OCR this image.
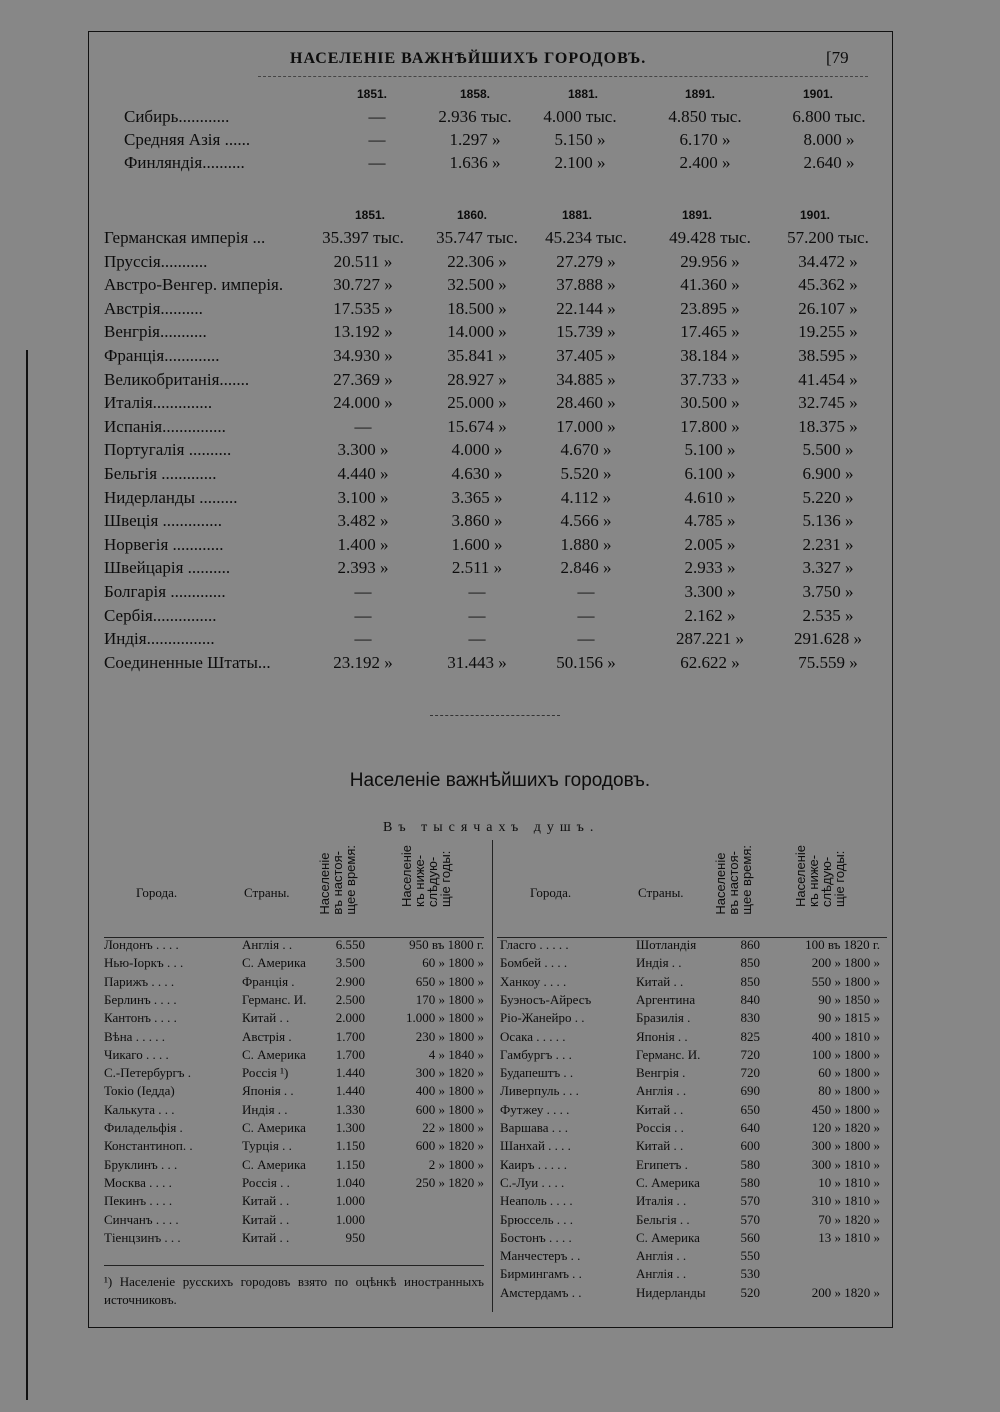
НАСЕЛЕНІЕ ВАЖНѢЙШИХЪ ГОРОДОВЪ.	[79
1851.	1858.	1881.	1891.	1901.
Сибирь............	—	2.936 тыс. 4.000 тыс.	4.850 тыс.	6.800 тыс.
Средняя Азія ......	—	1.297 »	5.150 »	6.170 »	8.000 »
Финляндія..........	—	1.636 »	2.100 »	2.400 »	2.640 »
1851.	1860.	1881.	1891.	1901.
Германская имперія ...	35.397 тыс. 35.747 тыс. 45.234 тыс. 49.428 тыс. 57.200 тыс.
Пруссія...........	20.511 »	22.306 »	27.279 »	29.956 »	34.472 »
Австро-Венгер. имперія.	30.727 »	32.500 »	37.888 »	41.360 »	45.362 »
Австрія..........	17.535 »	18.500 »	22.144 »	23.895 »	26.107 »
Венгрія...........	13.192 »	14.000 »	15.739 »	17.465 »	19.255 »
Франція.............	34.930 »	35.841 »	37.405 »	38.184 »	38.595 »
Великобританія.......	27.369 »	28.927 »	34.885 »	37.733 »	41.454 »
Италія..............	24.000 »	25.000 »	28.460 »	30.500 »	32.745 »
Испанія...............	—	15.674 »	17.000 »	17.800 »	18.375 »
Португалія ..........	3.300 »	4.000 »	4.670 »	5.100 »	5.500 »
Бельгія .............	4.440 »	4.630 »	5.520 »	6.100 »	6.900 »
Нидерланды .........	3.100 »	3.365 »	4.112 »	4.610 »	5.220 »
Швеція ..............	3.482 »	3.860 »	4.566 »	4.785 »	5.136 »
Норвегія ............	1.400 »	1.600 »	1.880 »	2.005 »	2.231 »
Швейцарія ..........	2.393 »	2.511 »	2.846 »	2.933 »	3.327 »
Болгарія .............	—	—	—	3.300 »	3.750 »
Сербія...............	—	—	—	2.162 »	2.535 »
Индія................	—	—	—	287.221 »	291.628 »
Соединенные Штаты...	23.192 »	31.443 »	50.156 »	62.622 »	75.559 »
Населеніе важнѣйшихъ городовъ.
Въ тысячахъ душъ.
Города.	Страны.	Города.	Страны.
Населеніе
въ настоя-
щее время:	Населеніе
къ ниже-
слѣдую-
щіе годы:	Населеніе
въ настоя-
щее время:	Населеніе
къ ниже-
слѣдую-
щіе годы:
Лондонъ . . . .	Англія . .	6.550	950 въ 1800 г.
Нью-Іоркъ . . .	С. Америка 3.500	60 » 1800 »
Парижъ . . . .	Франція .	2.900	650 » 1800 »
Берлинъ . . . .	Германс. И. 2.500	170 » 1800 »
Кантонъ . . . .	Китай . .	2.000	1.000 » 1800 »
Вѣна . . . . .	Австрія .	1.700	230 » 1800 »
Чикаго . . . .	С. Америка 1.700	4 » 1840 »
С.-Петербургъ .	Россія ¹)	1.440	300 » 1820 »
Токіо (Іедда)	Японія . .	1.440	400 » 1800 »
Калькута . . .	Индія . .	1.330	600 » 1800 »
Филадельфія .	С. Америка 1.300	22 » 1800 »
Константиноп. .	Турція . .	1.150	600 » 1820 »
Бруклинъ . . .	С. Америка 1.150	2 » 1800 »
Москва . . . .	Россія . .	1.040	250 » 1820 »
Пекинъ . . . .	Китай . .	1.000
Синчанъ . . . .	Китай . .	1.000
Тіенцзинъ . . .	Китай . .	950
Гласго . . . . .	Шотландія	860	100 въ 1820 г.
Бомбей . . . .	Индія . .	850	200 » 1800 »
Ханкоу . . . .	Китай . .	850	550 » 1800 »
Буэносъ-Айресъ	Аргентина	840	90 » 1850 »
Ріо-Жанейро . .	Бразилія .	830	90 » 1815 »
Осака . . . . .	Японія . .	825	400 » 1810 »
Гамбургъ . . .	Германс. И.	720	100 » 1800 »
Будапештъ . .	Венгрія .	720	60 » 1800 »
Ливерпуль . . .	Англія . .	690	80 » 1800 »
Футжеу . . . .	Китай . .	650	450 » 1800 »
Варшава . . .	Россія . .	640	120 » 1820 »
Шанхай . . . .	Китай . .	600	300 » 1800 »
Каиръ . . . . .	Египетъ .	580	300 » 1810 »
С.-Луи . . . .	С. Америка	580	10 » 1810 »
Неаполь . . . .	Италія . .	570	310 » 1810 »
Брюссель . . .	Бельгія . .	570	70 » 1820 »
Бостонъ . . . .	С. Америка	560	13 » 1810 »
Манчестеръ . .	Англія . .	550
Бирмингамъ . .	Англія . .	530
Амстердамъ . .	Нидерланды	520	200 » 1820 »
¹) Населеніе русскихъ городовъ взято по оцѣнкѣ иностранныхъ источниковъ.
